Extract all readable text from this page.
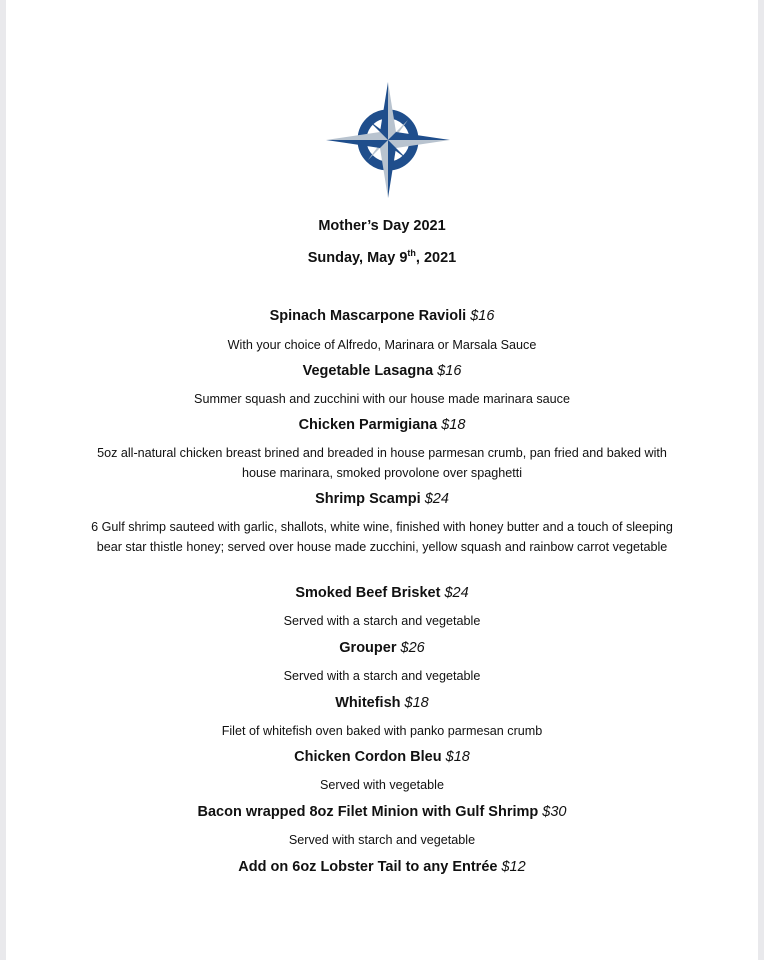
Mother’s Day 2021
Sunday, May 9th, 2021
Spinach Mascarpone Ravioli $16
With your choice of Alfredo, Marinara or Marsala Sauce
Vegetable Lasagna $16
Summer squash and zucchini with our house made marinara sauce
Chicken Parmigiana $18
5oz all-natural chicken breast brined and breaded in house parmesan crumb, pan fried and baked with house marinara, smoked provolone over spaghetti
Shrimp Scampi $24
6 Gulf shrimp sauteed with garlic, shallots, white wine, finished with honey butter and a touch of sleeping bear star thistle honey; served over house made zucchini, yellow squash and rainbow carrot vegetable
Smoked Beef Brisket $24
Served with a starch and vegetable
Grouper $26
Served with a starch and vegetable
Whitefish $18
Filet of whitefish oven baked with panko parmesan crumb
Chicken Cordon Bleu $18
Served with vegetable
Bacon wrapped 8oz Filet Minion with Gulf Shrimp $30
Served with starch and vegetable
Add on 6oz Lobster Tail to any Entrée $12
